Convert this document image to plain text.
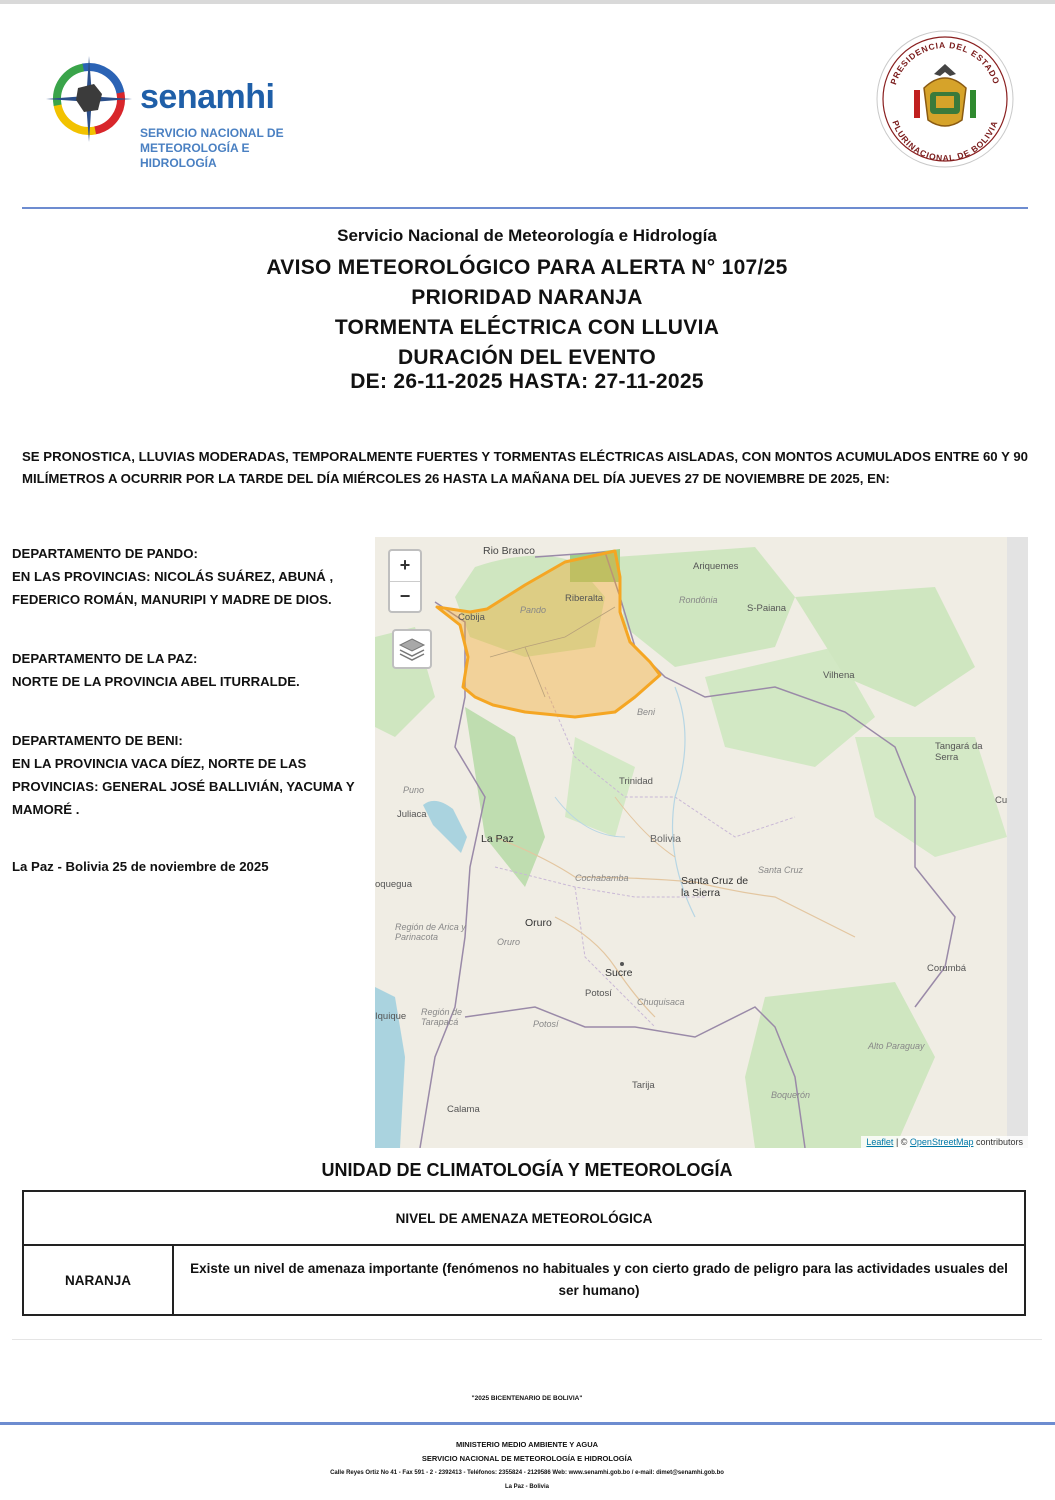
senamhi
SERVICIO NACIONAL DE METEOROLOGÍA E HIDROLOGÍA
PRESIDENCIA DEL ESTADO
PLURINACIONAL DE BOLIVIA
Servicio Nacional de Meteorología e Hidrología
AVISO METEOROLÓGICO PARA ALERTA N° 107/25
PRIORIDAD NARANJA
TORMENTA ELÉCTRICA CON LLUVIA
DURACIÓN DEL EVENTO
DE: 26-11-2025 HASTA: 27-11-2025
SE PRONOSTICA, LLUVIAS MODERADAS, TEMPORALMENTE FUERTES Y TORMENTAS ELÉCTRICAS AISLADAS, CON MONTOS ACUMULADOS ENTRE 60 Y 90 MILÍMETROS A OCURRIR POR LA TARDE DEL DÍA MIÉRCOLES 26 HASTA LA MAÑANA DEL DÍA JUEVES 27 DE NOVIEMBRE DE 2025, EN:
DEPARTAMENTO DE PANDO:
EN LAS PROVINCIAS: NICOLÁS SUÁREZ, ABUNÁ , FEDERICO ROMÁN, MANURIPI Y MADRE DE DIOS.
DEPARTAMENTO DE LA PAZ:
NORTE DE LA PROVINCIA ABEL ITURRALDE.
DEPARTAMENTO DE BENI:
EN LA PROVINCIA VACA DÍEZ, NORTE DE LAS PROVINCIAS: GENERAL JOSÉ BALLIVIÁN, YACUMA Y MAMORÉ .
La Paz - Bolivia 25 de noviembre de 2025
+
−
Rio Branco
Ariquemes
Riberalta
Cobija
Pando
Rondônia
S-Paiana
Vilhena
Beni
Tangará da Serra
Trinidad
Puno
Juliaca
La Paz	Bolivia
Cochabamba	Santa Cruz de la Sierra
Santa Cruz
oquegua
Región de Arica y Parinacota
Oruro
Oruro
Sucre
Potosí
Chuquisaca
Corumbá
Iquique Región de Tarapacá	Potosí
Alto Paraguay
Tarija
Boquerón
Calama
Cu
Leaflet | © OpenStreetMap contributors
UNIDAD DE CLIMATOLOGÍA Y METEOROLOGÍA
NIVEL DE AMENAZA METEOROLÓGICA
NARANJA	Existe un nivel de amenaza importante (fenómenos no habituales y con cierto grado de peligro para las actividades usuales del ser humano)
"2025 BICENTENARIO DE BOLIVIA"
MINISTERIO MEDIO AMBIENTE Y AGUA
SERVICIO NACIONAL DE METEOROLOGÍA E HIDROLOGÍA
Calle Reyes Ortiz No 41 - Fax 591 - 2 - 2392413 - Teléfonos: 2355824 - 2129586 Web: www.senamhi.gob.bo / e-mail: dimet@senamhi.gob.bo
La Paz - Bolivia
